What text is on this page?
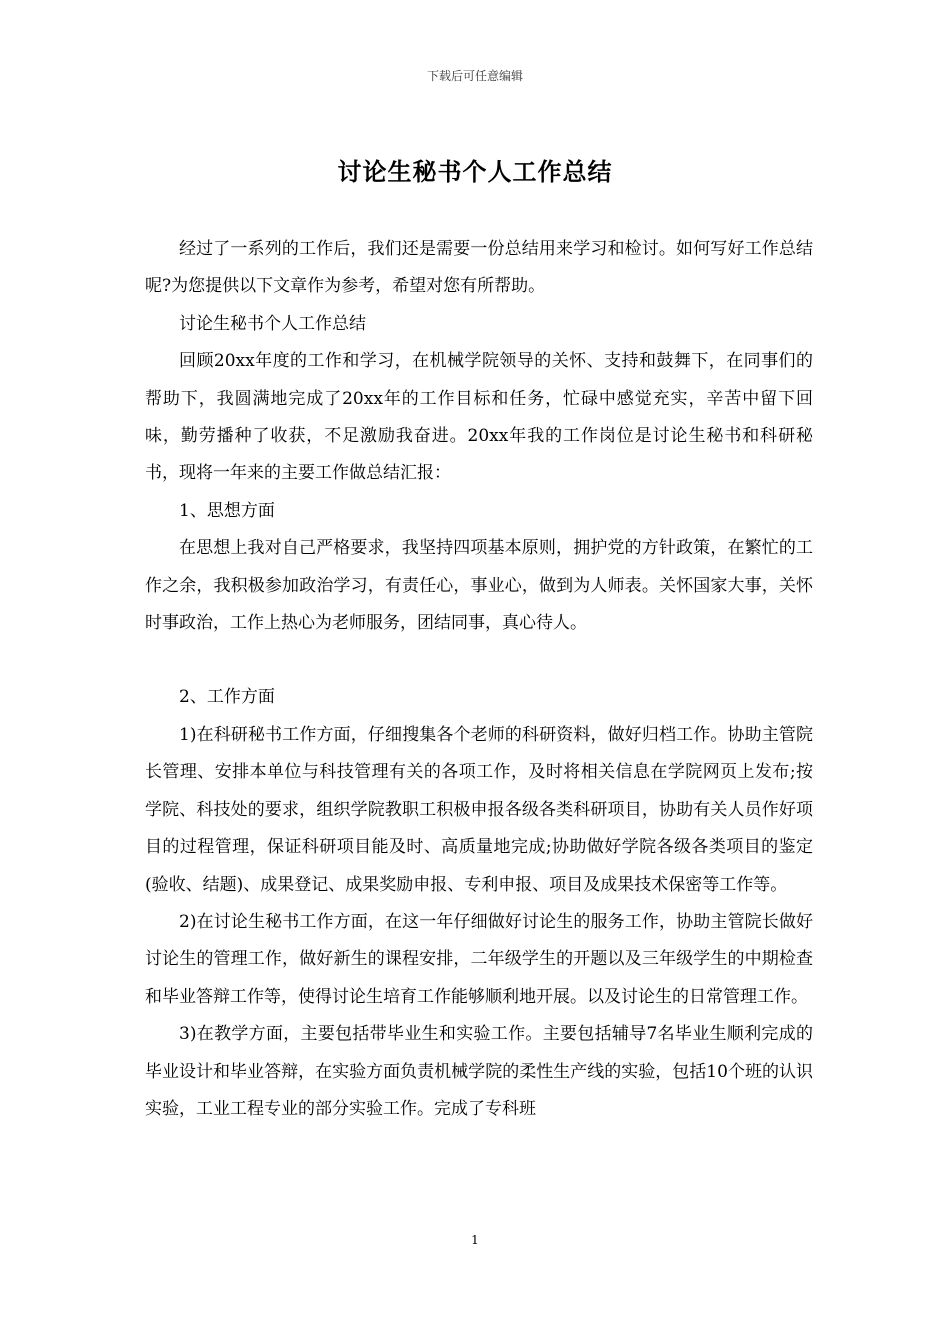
下载后可任意编辑
讨论生秘书个人工作总结

经过了一系列的工作后，我们还是需要一份总结用来学习和检讨。如何写好工作总结呢?为您提供以下文章作为参考，希望对您有所帮助。

讨论生秘书个人工作总结

回顾20xx年度的工作和学习，在机械学院领导的关怀、支持和鼓舞下，在同事们的帮助下，我圆满地完成了20xx年的工作目标和任务，忙碌中感觉充实，辛苦中留下回味，勤劳播种了收获，不足激励我奋进。20xx年我的工作岗位是讨论生秘书和科研秘书，现将一年来的主要工作做总结汇报：

1、思想方面

在思想上我对自己严格要求，我坚持四项基本原则，拥护党的方针政策，在繁忙的工作之余，我积极参加政治学习，有责任心，事业心，做到为人师表。关怀国家大事，关怀时事政治，工作上热心为老师服务，团结同事，真心待人。

2、工作方面

1)在科研秘书工作方面，仔细搜集各个老师的科研资料，做好归档工作。协助主管院长管理、安排本单位与科技管理有关的各项工作，及时将相关信息在学院网页上发布;按学院、科技处的要求，组织学院教职工积极申报各级各类科研项目，协助有关人员作好项目的过程管理，保证科研项目能及时、高质量地完成;协助做好学院各级各类项目的鉴定(验收、结题)、成果登记、成果奖励申报、专利申报、项目及成果技术保密等工作等。

2)在讨论生秘书工作方面，在这一年仔细做好讨论生的服务工作，协助主管院长做好讨论生的管理工作，做好新生的课程安排，二年级学生的开题以及三年级学生的中期检查和毕业答辩工作等，使得讨论生培育工作能够顺利地开展。以及讨论生的日常管理工作。

3)在教学方面，主要包括带毕业生和实验工作。主要包括辅导7名毕业生顺利完成的毕业设计和毕业答辩，在实验方面负责机械学院的柔性生产线的实验，包括10个班的认识实验，工业工程专业的部分实验工作。完成了专科班

1
